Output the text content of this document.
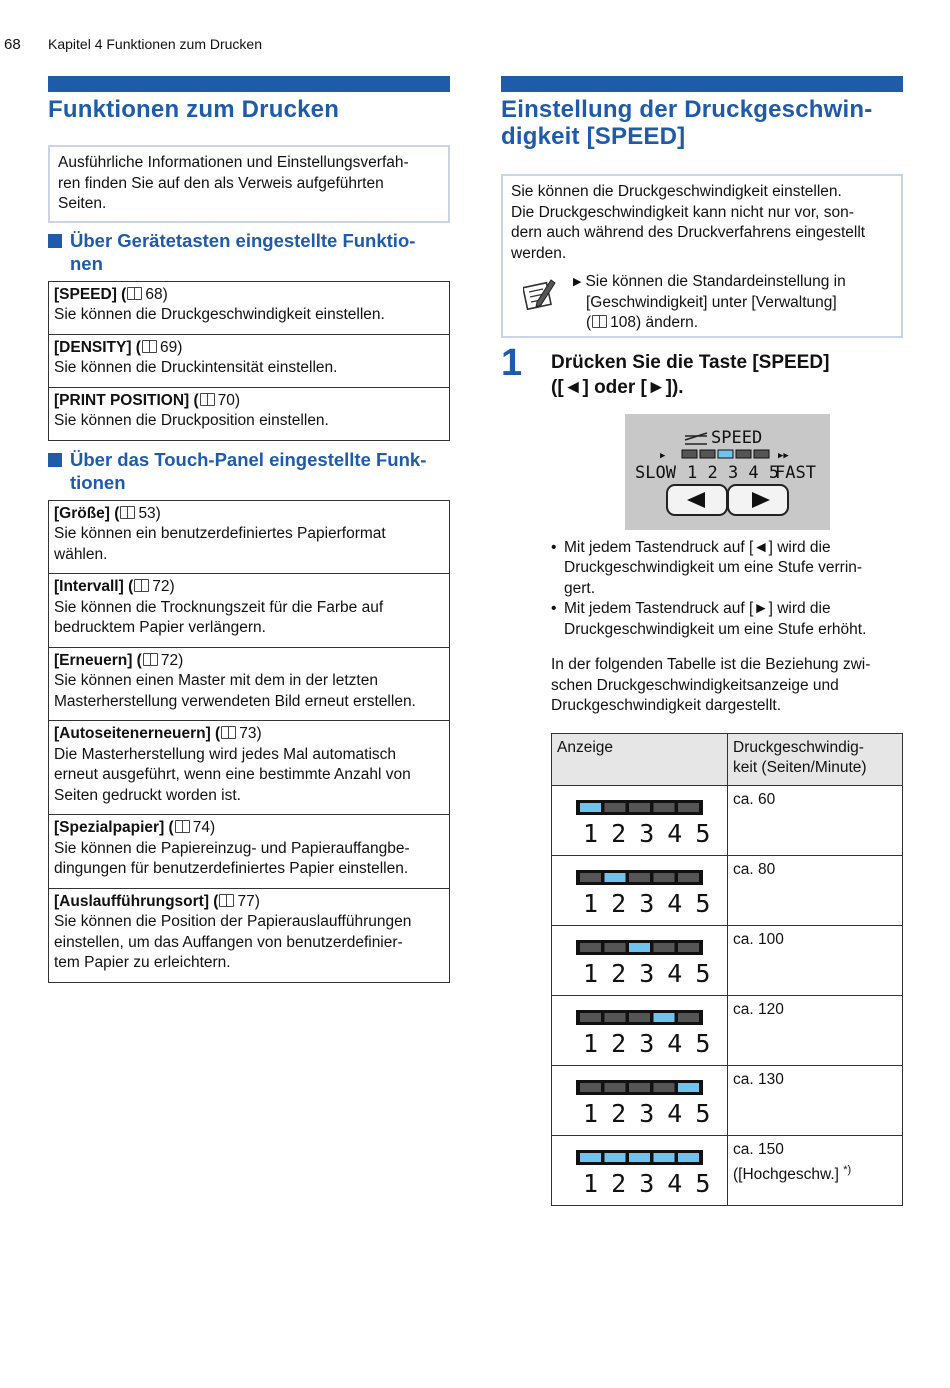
68 Kapitel 4 Funktionen zum Drucken
Funktionen zum Drucken
Ausführliche Informationen und Einstellungsverfah-
ren finden Sie auf den als Verweis aufgeführten
Seiten.
Über Gerätetasten eingestellte Funktio-
nen
[SPEED] ( 68)
Sie können die Druckgeschwindigkeit einstellen.
[DENSITY] ( 69)
Sie können die Druckintensität einstellen.
[PRINT POSITION] ( 70)
Sie können die Druckposition einstellen.
Über das Touch-Panel eingestellte Funk-
tionen
[Größe] ( 53)
Sie können ein benutzerdefiniertes Papierformat
wählen.
[Intervall] ( 72)
Sie können die Trocknungszeit für die Farbe auf
bedrucktem Papier verlängern.
[Erneuern] ( 72)
Sie können einen Master mit dem in der letzten
Masterherstellung verwendeten Bild erneut erstellen.
[Autoseitenerneuern] ( 73)
Die Masterherstellung wird jedes Mal automatisch
erneut ausgeführt, wenn eine bestimmte Anzahl von
Seiten gedruckt worden ist.
[Spezialpapier] ( 74)
Sie können die Papiereinzug- und Papierauffangbe-
dingungen für benutzerdefiniertes Papier einstellen.
[Auslaufführungsort] ( 77)
Sie können die Position der Papierauslaufführungen
einstellen, um das Auffangen von benutzerdefinier-
tem Papier zu erleichtern.
Einstellung der Druckgeschwin-
digkeit [SPEED]
Sie können die Druckgeschwindigkeit einstellen.
Die Druckgeschwindigkeit kann nicht nur vor, son-
dern auch während des Druckverfahrens eingestellt
werden.
▶ Sie können die Standardeinstellung in
[Geschwindigkeit] unter [Verwaltung]
( 108) ändern.
1 Drücken Sie die Taste [SPEED]
([◄] oder [►]).
SPEED
▶	▶▶
SLOW 1 2 3 4 5
FAST
• Mit jedem Tastendruck auf [◄] wird die
Druckgeschwindigkeit um eine Stufe verrin-
gert.
• Mit jedem Tastendruck auf [►] wird die
Druckgeschwindigkeit um eine Stufe erhöht.
In der folgenden Tabelle ist die Beziehung zwi-
schen Druckgeschwindigkeitsanzeige und
Druckgeschwindigkeit dargestellt.
Anzeige	Druckgeschwindig-
keit (Seiten/Minute)

1 2 3 4 5	ca. 60

1 2 3 4 5	ca. 80

1 2 3 4 5	ca. 100

1 2 3 4 5	ca. 120

1 2 3 4 5	ca. 130

1 2 3 4 5	ca. 150
([Hochgeschw.] *)
